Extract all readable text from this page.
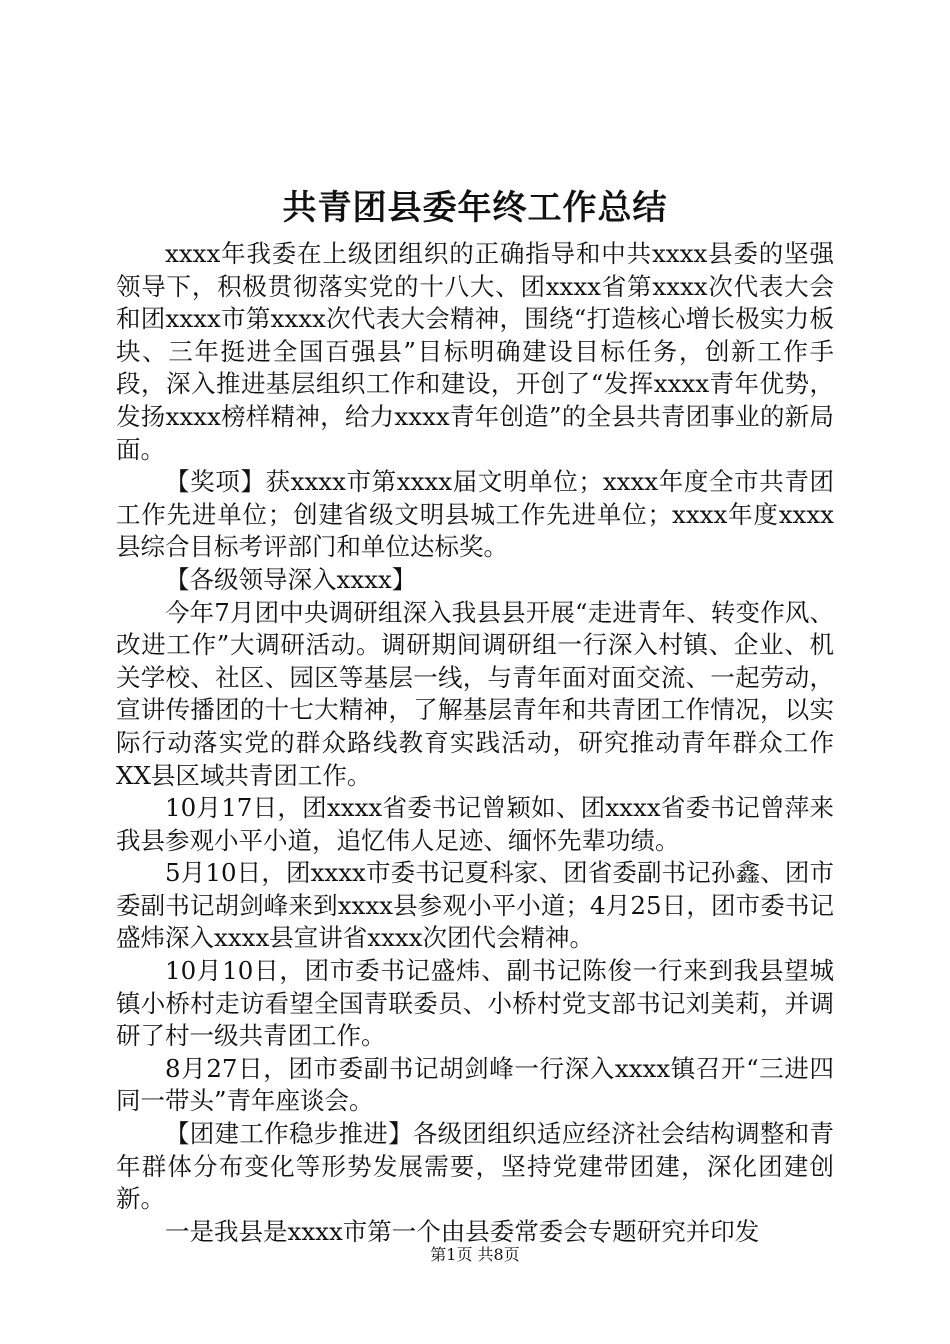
共青团县委年终工作总结

xxxx年我委在上级团组织的正确指导和中共xxxx县委的坚强领导下，积极贯彻落实党的十八大、团xxxx省第xxxx次代表大会和团xxxx市第xxxx次代表大会精神，围绕“打造核心增长极实力板块、三年挺进全国百强县”目标明确建设目标任务，创新工作手段，深入推进基层组织工作和建设，开创了“发挥xxxx青年优势，发扬xxxx榜样精神，给力xxxx青年创造”的全县共青团事业的新局面。

【奖项】获xxxx市第xxxx届文明单位；xxxx年度全市共青团工作先进单位；创建省级文明县城工作先进单位；xxxx年度xxxx县综合目标考评部门和单位达标奖。

【各级领导深入xxxx】

今年7月团中央调研组深入我县县开展“走进青年、转变作风、改进工作”大调研活动。调研期间调研组一行深入村镇、企业、机关学校、社区、园区等基层一线，与青年面对面交流、一起劳动，宣讲传播团的十七大精神，了解基层青年和共青团工作情况，以实际行动落实党的群众路线教育实践活动，研究推动青年群众工作XX县区域共青团工作。

10月17日，团xxxx省委书记曾颖如、团xxxx省委书记曾萍来我县参观小平小道，追忆伟人足迹、缅怀先辈功绩。

5月10日，团xxxx市委书记夏科家、团省委副书记孙鑫、团市委副书记胡剑峰来到xxxx县参观小平小道；4月25日，团市委书记盛炜深入xxxx县宣讲省xxxx次团代会精神。

10月10日，团市委书记盛炜、副书记陈俊一行来到我县望城镇小桥村走访看望全国青联委员、小桥村党支部书记刘美莉，并调研了村一级共青团工作。

8月27日，团市委副书记胡剑峰一行深入xxxx镇召开“三进四同一带头”青年座谈会。

【团建工作稳步推进】各级团组织适应经济社会结构调整和青年群体分布变化等形势发展需要，坚持党建带团建，深化团建创新。

一是我县是xxxx市第一个由县委常委会专题研究并印发

第1页 共8页
